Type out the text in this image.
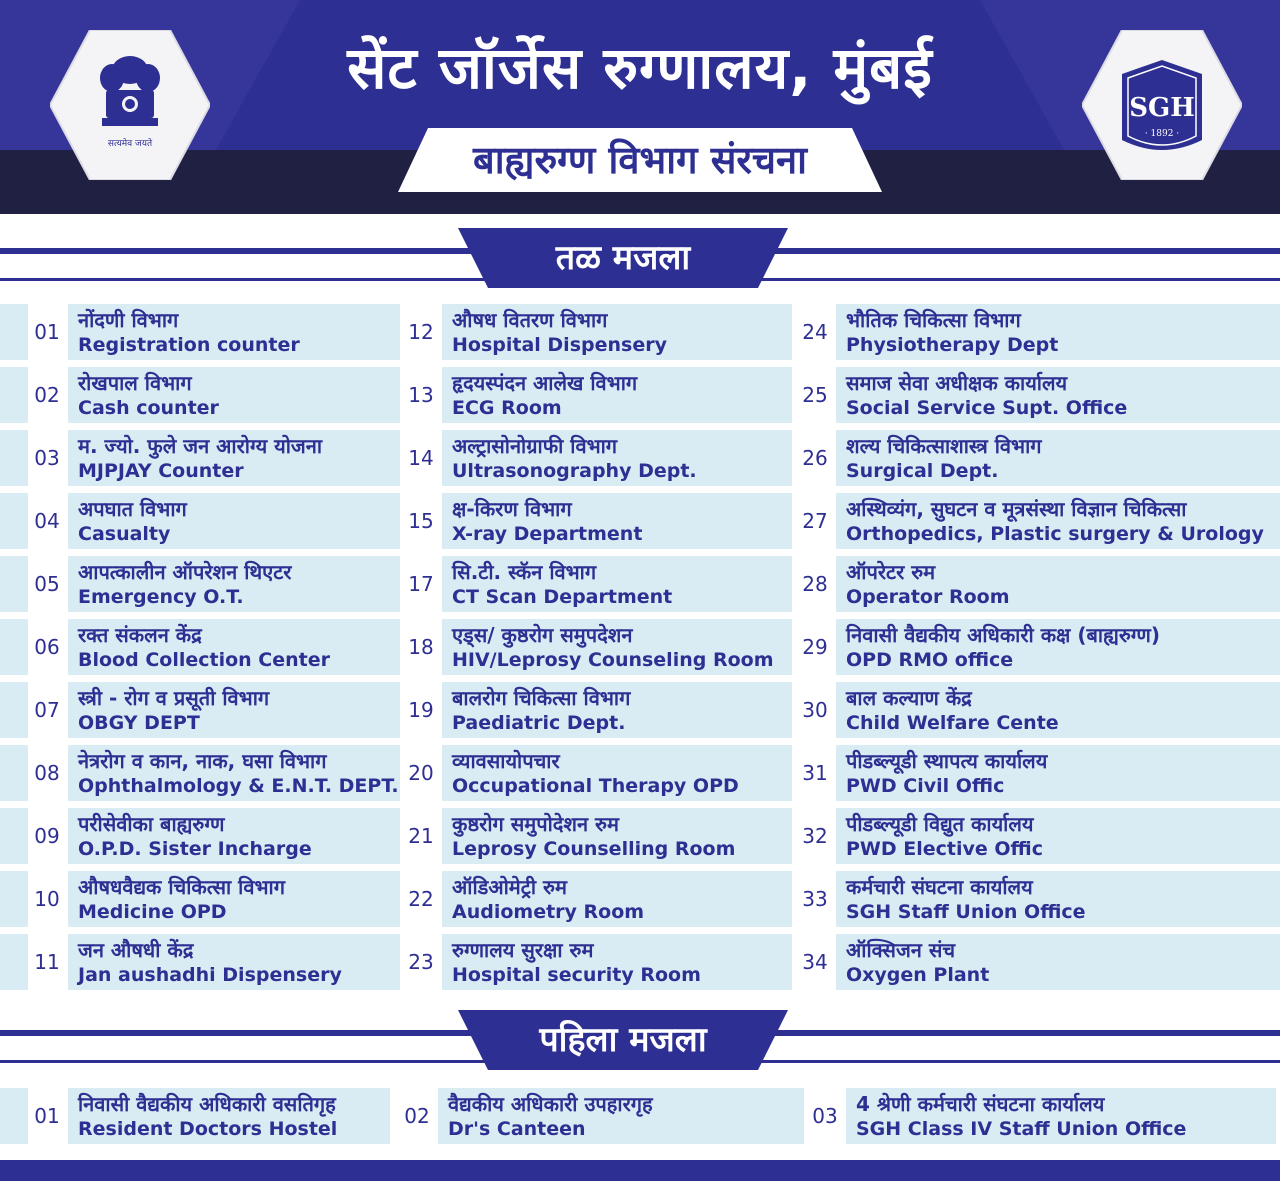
सत्यमेव जयते
सेंट जॉर्जेस रुग्णालय, मुंबई
बाह्यरुग्ण विभाग संरचना
SGH
· 1892 ·
तळ मजला
01 नोंदणी विभाग
Registration counter
02 रोखपाल विभाग
Cash counter
03 म. ज्यो. फुले जन आरोग्य योजना
MJPJAY Counter
04 अपघात विभाग
Casualty
05 आपत्कालीन ऑपरेशन थिएटर
Emergency O.T.
06 रक्त संकलन केंद्र
Blood Collection Center
07 स्त्री - रोग व प्रसूती विभाग
OBGY DEPT
08 नेत्ररोग व कान, नाक, घसा विभाग
Ophthalmology & E.N.T. DEPT.
09 परीसेवीका बाह्यरुग्ण
O.P.D. Sister Incharge
10 औषधवैद्यक चिकित्सा विभाग
Medicine OPD
11 जन औषधी केंद्र
Jan aushadhi Dispensery
12 औषध वितरण विभाग
Hospital Dispensery
13 हृदयस्पंदन आलेख विभाग
ECG Room
14 अल्ट्रासोनोग्राफी विभाग
Ultrasonography Dept.
15 क्ष-किरण विभाग
X-ray Department
17 सि.टी. स्कॅन विभाग
CT Scan Department
18 एड्स/ कुष्ठरोग समुपदेशन
HIV/Leprosy Counseling Room
19 बालरोग चिकित्सा विभाग
Paediatric Dept.
20 व्यावसायोपचार
Occupational Therapy OPD
21 कुष्ठरोग समुपोदेशन रुम
Leprosy Counselling Room
22 ऑडिओमेट्री रुम
Audiometry Room
23 रुग्णालय सुरक्षा रुम
Hospital security Room
24 भौतिक चिकित्सा विभाग
Physiotherapy Dept
25 समाज सेवा अधीक्षक कार्यालय
Social Service Supt. Office
26 शल्य चिकित्साशास्त्र विभाग
Surgical Dept.
27 अस्थिव्यंग, सुघटन व मूत्रसंस्था विज्ञान चिकित्सा
Orthopedics, Plastic surgery & Urology
28 ऑपरेटर रुम
Operator Room
29 निवासी वैद्यकीय अधिकारी कक्ष (बाह्यरुग्ण)
OPD RMO office
30 बाल कल्याण केंद्र
Child Welfare Cente
31 पीडब्ल्यूडी स्थापत्य कार्यालय
PWD Civil Offic
32 पीडब्ल्यूडी विद्युत कार्यालय
PWD Elective Offic
33 कर्मचारी संघटना कार्यालय
SGH Staff Union Office
34 ऑक्सिजन संच
Oxygen Plant
पहिला मजला
01 निवासी वैद्यकीय अधिकारी वसतिगृह
Resident Doctors Hostel
02 वैद्यकीय अधिकारी उपहारगृह
Dr's Canteen
03 4 श्रेणी कर्मचारी संघटना कार्यालय
SGH Class IV Staff Union Office
